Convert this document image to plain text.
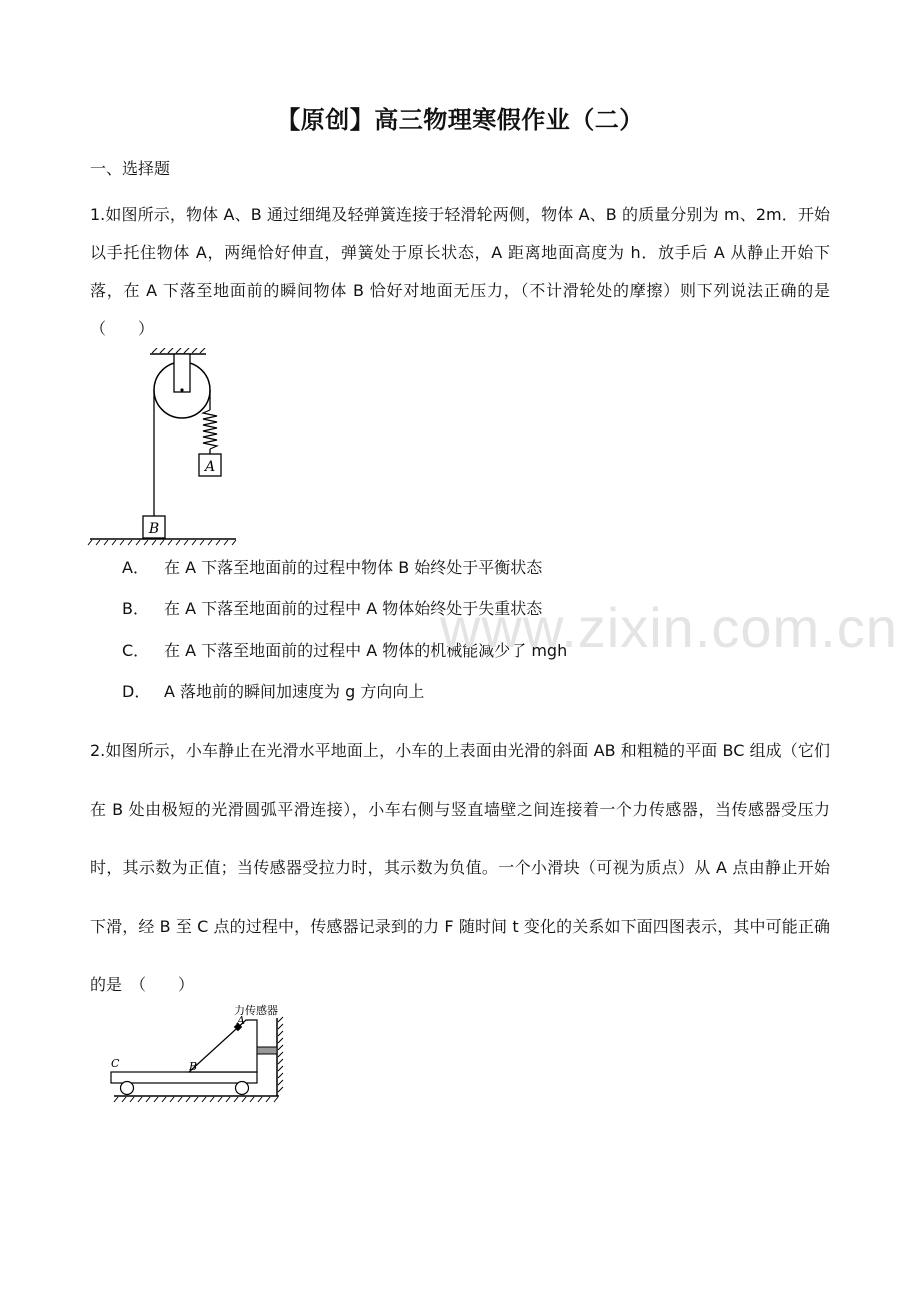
【原创】高三物理寒假作业（二）
一、选择题
1.如图所示，物体 A、B 通过细绳及轻弹簧连接于轻滑轮两侧，物体 A、B 的质量分别为 m、2m．开始以手托住物体 A，两绳恰好伸直，弹簧处于原长状态，A 距离地面高度为 h．放手后 A 从静止开始下落，在 A 下落至地面前的瞬间物体 B 恰好对地面无压力，（不计滑轮处的摩擦）则下列说法正确的是（　　）
A
B
A． 在 A 下落至地面前的过程中物体 B 始终处于平衡状态
B． 在 A 下落至地面前的过程中 A 物体始终处于失重状态
C． 在 A 下落至地面前的过程中 A 物体的机械能减少了 mgh
D． A 落地前的瞬间加速度为 g 方向向上
www.zixin.com.cn
2.如图所示，小车静止在光滑水平地面上，小车的上表面由光滑的斜面 AB 和粗糙的平面 BC 组成（它们在 B 处由极短的光滑圆弧平滑连接），小车右侧与竖直墙壁之间连接着一个力传感器，当传感器受压力时，其示数为正值；当传感器受拉力时，其示数为负值。一个小滑块（可视为质点）从 A 点由静止开始下滑，经 B 至 C 点的过程中，传感器记录到的力 F 随时间 t 变化的关系如下面四图表示，其中可能正确的是　（　　）
力传感器
A
B
C
